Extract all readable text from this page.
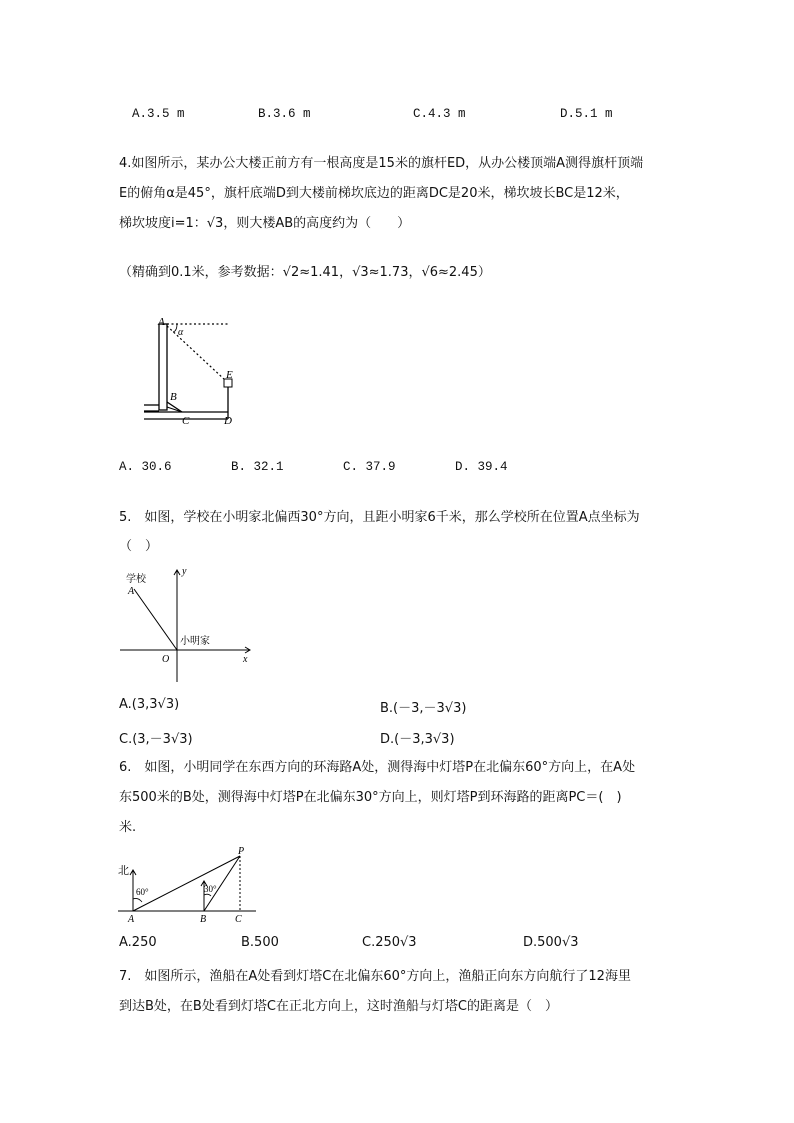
A.3.5 m	B.3.6 m	C.4.3 m	D.5.1 m
4.如图所示，某办公大楼正前方有一根高度是15米的旗杆ED，从办公楼顶端A测得旗杆顶端
E的俯角α是45°，旗杆底端D到大楼前梯坎底边的距离DC是20米，梯坎坡长BC是12米，
梯坎坡度i=1：√3，则大楼AB的高度约为（　　）
（精确到0.1米，参考数据：√2≈1.41，√3≈1.73，√6≈2.45）
A
α
B
C	D
E
A. 30.6	B. 32.1	C. 37.9	D. 39.4
5.　如图，学校在小明家北偏西30°方向，且距小明家6千米，那么学校所在位置A点坐标为
（　）
学校
A
小明家
O	x
y
A.(3,3√3)	B.(－3,－3√3)
C.(3,－3√3)	D.(－3,3√3)
6.　如图，小明同学在东西方向的环海路A处，测得海中灯塔P在北偏东60°方向上，在A处
东500米的B处，测得海中灯塔P在北偏东30°方向上，则灯塔P到环海路的距离PC＝(　)
米.
北
60°	30°
A	B	C
P
A.250	B.500	C.250√3	D.500√3
7.　如图所示，渔船在A处看到灯塔C在北偏东60°方向上，渔船正向东方向航行了12海里
到达B处，在B处看到灯塔C在正北方向上，这时渔船与灯塔C的距离是（　）
